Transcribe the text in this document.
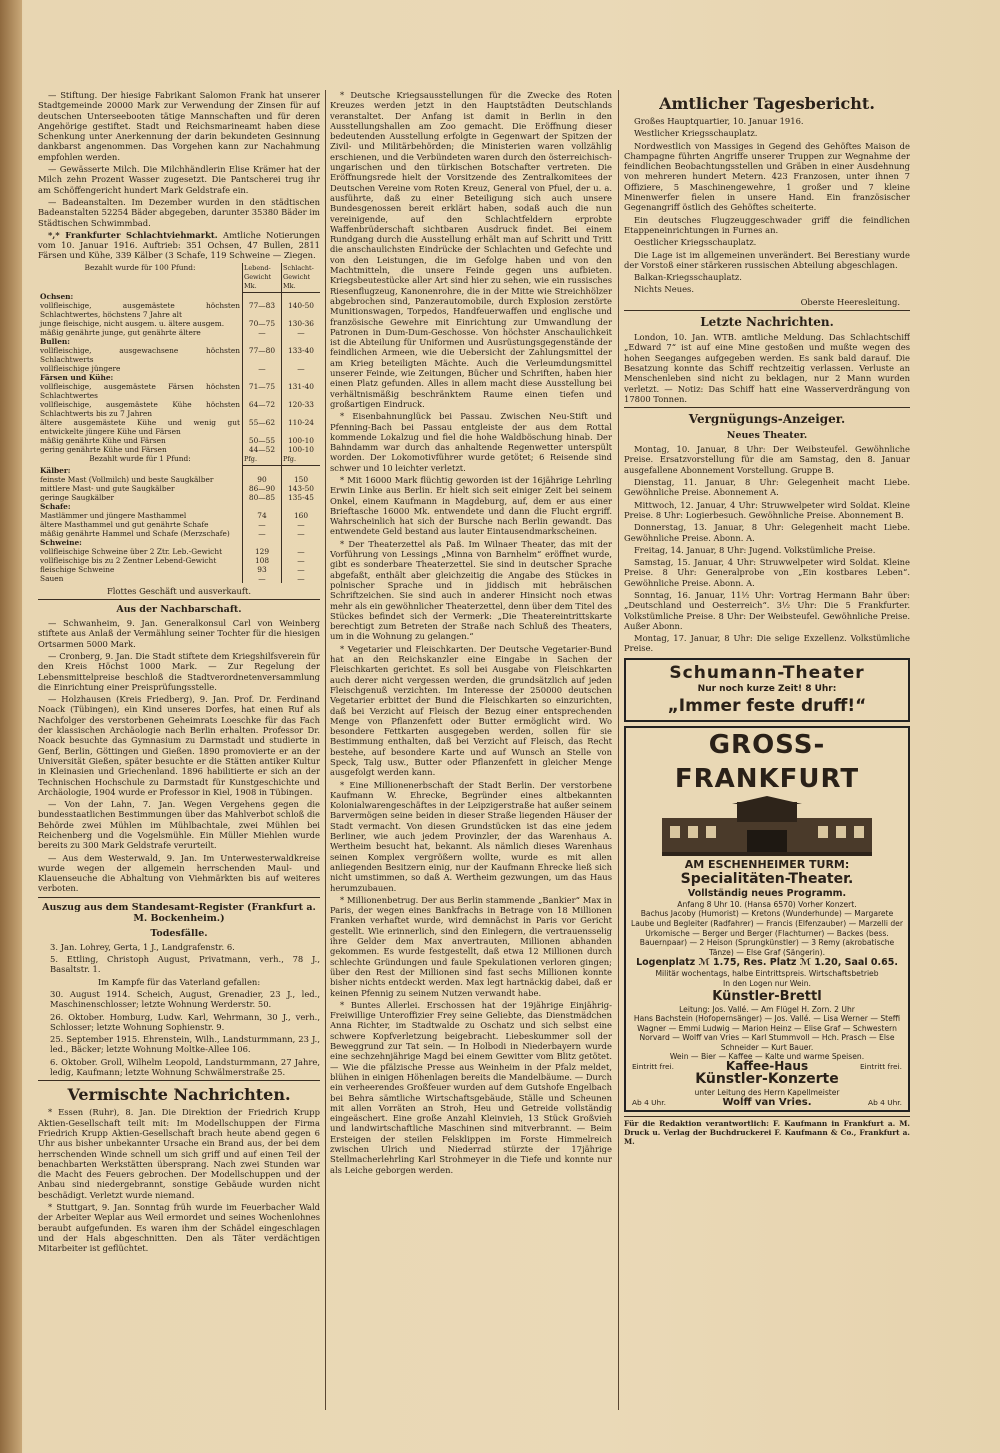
— Stiftung. Der hiesige Fabrikant Salomon Frank hat unserer Stadtgemeinde 20000 Mark zur Verwendung der Zinsen für auf deutschen Unterseebooten tätige Mannschaften und für deren Angehörige gestiftet. Stadt und Reichsmarineamt haben diese Schenkung unter Anerkennung der darin bekundeten Gesinnung dankbarst angenommen. Das Vorgehen kann zur Nachahmung empfohlen werden.

— Gewässerte Milch. Die Milchhändlerin Elise Krämer hat der Milch zehn Prozent Wasser zugesetzt. Die Pantscherei trug ihr am Schöffengericht hundert Mark Geldstrafe ein.

— Badeanstalten. Im Dezember wurden in den städtischen Badeanstalten 52254 Bäder abgegeben, darunter 35380 Bäder im Städtischen Schwimmbad.

*,* Frankfurter Schlachtviehmarkt. Amtliche Notierungen vom 10. Januar 1916. Auftrieb: 351 Ochsen, 47 Bullen, 2811 Färsen und Kühe, 339 Kälber (3 Schafe, 119 Schweine — Ziegen.

Bezahlt wurde für 100 Pfund:	Lebend-Gewicht Mk.	Schlacht-Gewicht Mk.
Ochsen:		
vollfleischige, ausgemästete höchsten Schlachtwertes, höchstens 7 Jahre alt	77—83	140-50
junge fleischige, nicht ausgem. u. ältere ausgem.	70—75	130-36
mäßig genährte junge, gut genährte ältere	—	—
Bullen:		
vollfleischige, ausgewachsene höchsten Schlachtwerts	77—80	133-40
vollfleischige jüngere	—	—
Färsen und Kühe:		
vollfleischige, ausgemästete Färsen höchsten Schlachtwertes	71—75	131-40
vollfleischige, ausgemästete Kühe höchsten Schlachtwerts bis zu 7 Jahren	64—72	120-33
ältere ausgemästete Kühe und wenig gut entwickelte jüngere Kühe und Färsen	55—62	110-24
mäßig genährte Kühe und Färsen	50—55	100-10
gering genährte Kühe und Färsen	44—52	100-10
Bezahlt wurde für 1 Pfund:	Pfg.	Pfg.
Kälber:		
feinste Mast (Vollmilch) und beste Saugkälber	90	150
mittlere Mast- und gute Saugkälber	86—90	143-50
geringe Saugkälber	80—85	135-45
Schafe:		
Mastlämmer und jüngere Masthammel	74	160
ältere Masthammel und gut genährte Schafe	—	—
mäßig genährte Hammel und Schafe (Merzschafe)	—	—
Schweine:		
vollfleischige Schweine über 2 Ztr. Leb.-Gewicht	129	—
vollfleischige bis zu 2 Zentner Lebend-Gewicht	108	—
fleischige Schweine	93	—
Sauen	—	—

Flottes Geschäft und ausverkauft.

Aus der Nachbarschaft.

— Schwanheim, 9. Jan. Generalkonsul Carl von Weinberg stiftete aus Anlaß der Vermählung seiner Tochter für die hiesigen Ortsarmen 5000 Mark.

— Cronberg, 9. Jan. Die Stadt stiftete dem Kriegshilfsverein für den Kreis Höchst 1000 Mark. — Zur Regelung der Lebensmittelpreise beschloß die Stadtverordnetenversammlung die Einrichtung einer Preisprüfungsstelle.

— Holzhausen (Kreis Friedberg), 9. Jan. Prof. Dr. Ferdinand Noack (Tübingen), ein Kind unseres Dorfes, hat einen Ruf als Nachfolger des verstorbenen Geheimrats Loeschke für das Fach der klassischen Archäologie nach Berlin erhalten. Professor Dr. Noack besuchte das Gymnasium zu Darmstadt und studierte in Genf, Berlin, Göttingen und Gießen. 1890 promovierte er an der Universität Gießen, später besuchte er die Stätten antiker Kultur in Kleinasien und Griechenland. 1896 habilitierte er sich an der Technischen Hochschule zu Darmstadt für Kunstgeschichte und Archäologie, 1904 wurde er Professor in Kiel, 1908 in Tübingen.

— Von der Lahn, 7. Jan. Wegen Vergehens gegen die bundesstaatlichen Bestimmungen über das Mahlverbot schloß die Behörde zwei Mühlen im Mühlbachtale, zwei Mühlen bei Reichenberg und die Vogelsmühle. Ein Müller Miehlen wurde bereits zu 300 Mark Geldstrafe verurteilt.

— Aus dem Westerwald, 9. Jan. Im Unterwesterwaldkreise wurde wegen der allgemein herrschenden Maul- und Klauenseuche die Abhaltung von Viehmärkten bis auf weiteres verboten.

Auszug aus dem Standesamt-Register (Frankfurt a. M. Bockenheim.)
Todesfälle.

3. Jan. Lohrey, Gerta, 1 J., Landgrafenstr. 6.

5. Ettling, Christoph August, Privatmann, verh., 78 J., Basaltstr. 1.

Im Kampfe für das Vaterland gefallen:

30. August 1914. Scheich, August, Grenadier, 23 J., led., Maschinenschlosser; letzte Wohnung Werderstr. 50.

26. Oktober. Homburg, Ludw. Karl, Wehrmann, 30 J., verh., Schlosser; letzte Wohnung Sophienstr. 9.

25. September 1915. Ehrenstein, Wilh., Landsturmmann, 23 J., led., Bäcker; letzte Wohnung Moltke-Allee 106.

6. Oktober. Groll, Wilhelm Leopold, Landsturmmann, 27 Jahre, ledig, Kaufmann; letzte Wohnung Schwälmerstraße 25.

Vermischte Nachrichten.

* Essen (Ruhr), 8. Jan. Die Direktion der Friedrich Krupp Aktien-Gesellschaft teilt mit: Im Modellschuppen der Firma Friedrich Krupp Aktien-Gesellschaft brach heute abend gegen 6 Uhr aus bisher unbekannter Ursache ein Brand aus, der bei dem herrschenden Winde schnell um sich griff und auf einen Teil der benachbarten Werkstätten übersprang. Nach zwei Stunden war die Macht des Feuers gebrochen. Der Modellschuppen und der Anbau sind niedergebrannt, sonstige Gebäude wurden nicht beschädigt. Verletzt wurde niemand.

* Stuttgart, 9. Jan. Sonntag früh wurde im Feuerbacher Wald der Arbeiter Weplar aus Weil ermordet und seines Wochenlohnes beraubt aufgefunden. Es waren ihm der Schädel eingeschlagen und der Hals abgeschnitten. Den als Täter verdächtigen Mitarbeiter ist geflüchtet.

* Deutsche Kriegsausstellungen für die Zwecke des Roten Kreuzes werden jetzt in den Hauptstädten Deutschlands veranstaltet. Der Anfang ist damit in Berlin in den Ausstellungshallen am Zoo gemacht. Die Eröffnung dieser bedeutenden Ausstellung erfolgte in Gegenwart der Spitzen der Zivil- und Militärbehörden; die Ministerien waren vollzählig erschienen, und die Verbündeten waren durch den österreichisch-ungarischen und den türkischen Botschafter vertreten. Die Eröffnungsrede hielt der Vorsitzende des Zentralkomitees der Deutschen Vereine vom Roten Kreuz, General von Pfuel, der u. a. ausführte, daß zu einer Beteiligung sich auch unsere Bundesgenossen bereit erklärt haben, sodaß auch die nun vereinigende, auf den Schlachtfeldern erprobte Waffenbrüderschaft sichtbaren Ausdruck findet. Bei einem Rundgang durch die Ausstellung erhält man auf Schritt und Tritt die anschaulichsten Eindrücke der Schlachten und Gefechte und von den Leistungen, die im Gefolge haben und von den Machtmitteln, die unsere Feinde gegen uns aufbieten. Kriegsbeutestücke aller Art sind hier zu sehen, wie ein russisches Riesenflugzeug, Kanonenrohre, die in der Mitte wie Streichhölzer abgebrochen sind, Panzerautomobile, durch Explosion zerstörte Munitionswagen, Torpedos, Handfeuerwaffen und englische und französische Gewehre mit Einrichtung zur Umwandlung der Patronen in Dum-Dum-Geschosse. Von höchster Anschaulichkeit ist die Abteilung für Uniformen und Ausrüstungsgegenstände der feindlichen Armeen, wie die Uebersicht der Zahlungsmittel der am Krieg beteiligten Mächte. Auch die Verleumdungsmittel unserer Feinde, wie Zeitungen, Bücher und Schriften, haben hier einen Platz gefunden. Alles in allem macht diese Ausstellung bei verhältnismäßig beschränktem Raume einen tiefen und großartigen Eindruck.

* Eisenbahnunglück bei Passau. Zwischen Neu-Stift und Pfenning-Bach bei Passau entgleiste der aus dem Rottal kommende Lokalzug und fiel die hohe Waldböschung hinab. Der Bahndamm war durch das anhaltende Regenwetter unterspült worden. Der Lokomotivführer wurde getötet; 6 Reisende sind schwer und 10 leichter verletzt.

* Mit 16000 Mark flüchtig geworden ist der 16jährige Lehrling Erwin Linke aus Berlin. Er hielt sich seit einiger Zeit bei seinem Onkel, einem Kaufmann in Magdeburg, auf, dem er aus einer Brieftasche 16000 Mk. entwendete und dann die Flucht ergriff. Wahrscheinlich hat sich der Bursche nach Berlin gewandt. Das entwendete Geld bestand aus lauter Eintausendmarkscheinen.

* Der Theaterzettel als Paß. Im Wilnaer Theater, das mit der Vorführung von Lessings „Minna von Barnhelm“ eröffnet wurde, gibt es sonderbare Theaterzettel. Sie sind in deutscher Sprache abgefaßt, enthält aber gleichzeitig die Angabe des Stückes in polnischer Sprache und in jiddisch mit hebräischen Schriftzeichen. Sie sind auch in anderer Hinsicht noch etwas mehr als ein gewöhnlicher Theaterzettel, denn über dem Titel des Stückes befindet sich der Vermerk: „Die Theatereintrittskarte berechtigt zum Betreten der Straße nach Schluß des Theaters, um in die Wohnung zu gelangen.“

* Vegetarier und Fleischkarten. Der Deutsche Vegetarier-Bund hat an den Reichskanzler eine Eingabe in Sachen der Fleischkarten gerichtet. Es soll bei Ausgabe von Fleischkarten auch derer nicht vergessen werden, die grundsätzlich auf jeden Fleischgenuß verzichten. Im Interesse der 250000 deutschen Vegetarier erbittet der Bund die Fleischkarten so einzurichten, daß bei Verzicht auf Fleisch der Bezug einer entsprechenden Menge von Pflanzenfett oder Butter ermöglicht wird. Wo besondere Fettkarten ausgegeben werden, sollen für sie Bestimmung enthalten, daß bei Verzicht auf Fleisch, das Recht bestehe, auf besondere Karte und auf Wunsch an Stelle von Speck, Talg usw., Butter oder Pflanzenfett in gleicher Menge ausgefolgt werden kann.

* Eine Millionenerbschaft der Stadt Berlin. Der verstorbene Kaufmann W. Ehrecke, Begründer eines altbekannten Kolonialwarengeschäftes in der Leipzigerstraße hat außer seinem Barvermögen seine beiden in dieser Straße liegenden Häuser der Stadt vermacht. Von diesen Grundstücken ist das eine jedem Berliner, wie auch jedem Provinzler, der das Warenhaus A. Wertheim besucht hat, bekannt. Als nämlich dieses Warenhaus seinen Komplex vergrößern wollte, wurde es mit allen anliegenden Besitzern einig, nur der Kaufmann Ehrecke ließ sich nicht umstimmen, so daß A. Wertheim gezwungen, um das Haus herumzubauen.

* Millionenbetrug. Der aus Berlin stammende „Bankier“ Max in Paris, der wegen eines Bankfrachs in Betrage von 18 Millionen Franken verhaftet wurde, wird demnächst in Paris vor Gericht gestellt. Wie erinnerlich, sind den Einlegern, die vertrauensselig ihre Gelder dem Max anvertrauten, Millionen abhanden gekommen. Es wurde festgestellt, daß etwa 12 Millionen durch schlechte Gründungen und faule Spekulationen verloren gingen; über den Rest der Millionen sind fast sechs Millionen konnte bisher nichts entdeckt werden. Max legt hartnäckig dabei, daß er keinen Pfennig zu seinem Nutzen verwandt habe.

* Buntes Allerlei. Erschossen hat der 19jährige Einjährig-Freiwillige Unteroffizier Frey seine Geliebte, das Dienstmädchen Anna Richter, im Stadtwalde zu Oschatz und sich selbst eine schwere Kopfverletzung beigebracht. Liebeskummer soll der Beweggrund zur Tat sein. — In Holbodi in Niederbayern wurde eine sechzehnjährige Magd bei einem Gewitter vom Blitz getötet. — Wie die pfälzische Presse aus Weinheim in der Pfalz meldet, blühen in einigen Höhenlagen bereits die Mandelbäume. — Durch ein verheerendes Großfeuer wurden auf dem Gutshofe Engelbach bei Behra sämtliche Wirtschaftsgebäude, Ställe und Scheunen mit allen Vorräten an Stroh, Heu und Getreide vollständig eingeäschert. Eine große Anzahl Kleinvieh, 13 Stück Großvieh und landwirtschaftliche Maschinen sind mitverbrannt. — Beim Ersteigen der steilen Felsklippen im Forste Himmelreich zwischen Ulrich und Niederrad stürzte der 17jährige Stellmacherlehrling Karl Strohmeyer in die Tiefe und konnte nur als Leiche geborgen werden.

Amtlicher Tagesbericht.

Großes Hauptquartier, 10. Januar 1916.

Westlicher Kriegsschauplatz.

Nordwestlich von Massiges in Gegend des Gehöftes Maison de Champagne führten Angriffe unserer Truppen zur Wegnahme der feindlichen Beobachtungsstellen und Gräben in einer Ausdehnung von mehreren hundert Metern. 423 Franzosen, unter ihnen 7 Offiziere, 5 Maschinengewehre, 1 großer und 7 kleine Minenwerfer fielen in unsere Hand. Ein französischer Gegenangriff östlich des Gehöftes scheiterte.

Ein deutsches Flugzeuggeschwader griff die feindlichen Etappeneinrichtungen in Furnes an.

Oestlicher Kriegsschauplatz.

Die Lage ist im allgemeinen unverändert. Bei Berestiany wurde der Vorstoß einer stärkeren russischen Abteilung abgeschlagen.

Balkan-Kriegsschauplatz.

Nichts Neues.

Oberste Heeresleitung.

Letzte Nachrichten.

London, 10. Jan. WTB. amtliche Meldung. Das Schlachtschiff „Edward 7“ ist auf eine Mine gestoßen und mußte wegen des hohen Seeganges aufgegeben werden. Es sank bald darauf. Die Besatzung konnte das Schiff rechtzeitig verlassen. Verluste an Menschenleben sind nicht zu beklagen, nur 2 Mann wurden verletzt. — Notiz: Das Schiff hatt eine Wasserverdrängung von 17800 Tonnen.

Vergnügungs-Anzeiger.
Neues Theater.

Montag, 10. Januar, 8 Uhr: Der Weibsteufel. Gewöhnliche Preise. Ersatzvorstellung für die am Samstag, den 8. Januar ausgefallene Abonnement Vorstellung. Gruppe B.

Dienstag, 11. Januar, 8 Uhr: Gelegenheit macht Liebe. Gewöhnliche Preise. Abonnement A.

Mittwoch, 12. Januar, 4 Uhr: Struwwelpeter wird Soldat. Kleine Preise. 8 Uhr: Logierbesuch. Gewöhnliche Preise. Abonnement B.

Donnerstag, 13. Januar, 8 Uhr: Gelegenheit macht Liebe. Gewöhnliche Preise. Abonn. A.

Freitag, 14. Januar, 8 Uhr: Jugend. Volkstümliche Preise.

Samstag, 15. Januar, 4 Uhr: Struwwelpeter wird Soldat. Kleine Preise. 8 Uhr: Generalprobe von „Ein kostbares Leben“. Gewöhnliche Preise. Abonn. A.

Sonntag, 16. Januar, 11½ Uhr: Vortrag Hermann Bahr über: „Deutschland und Oesterreich“. 3½ Uhr: Die 5 Frankfurter. Volkstümliche Preise. 8 Uhr: Der Weibsteufel. Gewöhnliche Preise. Außer Abonn.

Montag, 17. Januar, 8 Uhr: Die selige Exzellenz. Volkstümliche Preise.

Schumann-Theater
Nur noch kurze Zeit! 8 Uhr:
„Immer feste druff!“
GROSS-FRANKFURT
AM ESCHENHEIMER TURM:
Specialitäten-Theater.
Vollständig neues Programm.
Anfang 8 Uhr 10. (Hansa 6570) Vorher Konzert.
Bachus Jacoby (Humorist) — Kretons (Wunderhunde) — Margarete Laube und Begleiter (Radfahrer) — Francis (Elfenzauber) — Marzelli der Urkomische — Berger und Berger (Flachturner) — Backes (bess. Bauernpaar) — 2 Heison (Sprungkünstler) — 3 Remy (akrobatische Tänze) — Else Graf (Sängerin).
Logenplatz ℳ 1.75, Res. Platz ℳ 1.20, Saal 0.65.
Militär wochentags, halbe Eintrittspreis. Wirtschaftsbetrieb
In den Logen nur Wein.
Künstler-Brettl
Leitung: Jos. Vallé. — Am Flügel H. Zorn. 2 Uhr
Hans Bachstein (Hofopernsänger) — Jos. Vallé. — Lisa Werner — Steffi Wagner — Emmi Ludwig — Marion Heinz — Elise Graf — Schwestern Norvard — Wolff van Vries — Karl Stummvoll — Hch. Prasch — Else Schneider — Kurt Bauer.
Wein — Bier — Kaffee — Kalte und warme Speisen.
Eintritt frei.	Kaffee-Haus	Eintritt frei.
Künstler-Konzerte
unter Leitung des Herrn Kapellmeister
Ab 4 Uhr.	Wolff van Vries.	Ab 4 Uhr.

Für die Redaktion verantwortlich: F. Kaufmann in Frankfurt a. M. Druck u. Verlag der Buchdruckerei F. Kaufmann & Co., Frankfurt a. M.
